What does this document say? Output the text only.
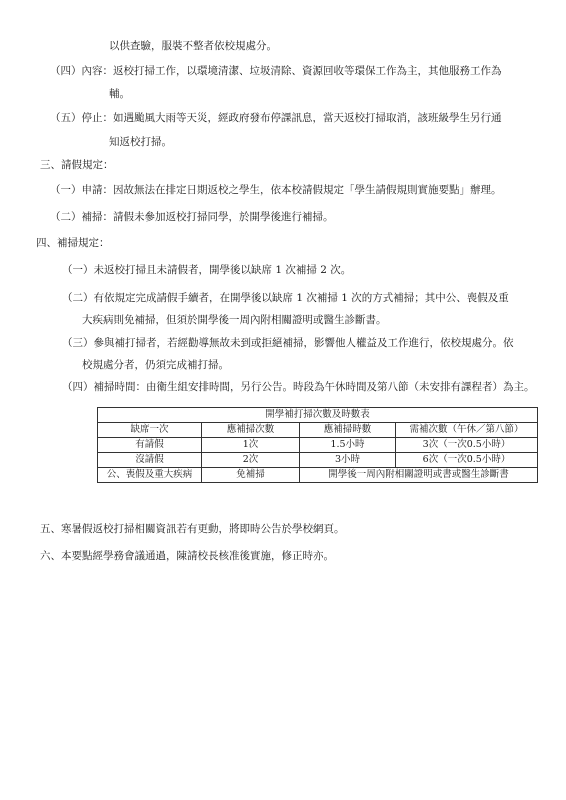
以供查驗，服裝不整者依校規處分。
（四）內容：返校打掃工作，以環境清潔、垃圾清除、資源回收等環保工作為主，其他服務工作為
輔。
（五）停止：如遇颱風大雨等天災，經政府發布停課訊息，當天返校打掃取消，該班級學生另行通
知返校打掃。
三、請假規定：
（一）申請：因故無法在排定日期返校之學生，依本校請假規定「學生請假規則實施要點」辦理。
（二）補掃：請假未參加返校打掃同學，於開學後進行補掃。
四、補掃規定：
（一）未返校打掃且未請假者，開學後以缺席 1 次補掃 2 次。
（二）有依規定完成請假手續者，在開學後以缺席 1 次補掃 1 次的方式補掃；其中公、喪假及重
大疾病則免補掃，但須於開學後一周內附相關證明或醫生診斷書。
（三）參與補打掃者，若經勸導無故未到或拒絕補掃，影響他人權益及工作進行，依校規處分。依
校規處分者，仍須完成補打掃。
（四）補掃時間：由衛生組安排時間，另行公告。時段為午休時間及第八節（未安排有課程者）為主。
開學補打掃次數及時數表			
缺席一次	應補掃次數	應補掃時數	需補次數（午休／第八節）
有請假	1次	1.5小時	3次（一次0.5小時）
沒請假	2次	3小時	6次（一次0.5小時）
公、喪假及重大疾病	免補掃	開學後一周內附相關證明或書或醫生診斷書	
五、寒暑假返校打掃相關資訊若有更動，將即時公告於學校網頁。
六、本要點經學務會議通過，陳請校長核准後實施，修正時亦。
